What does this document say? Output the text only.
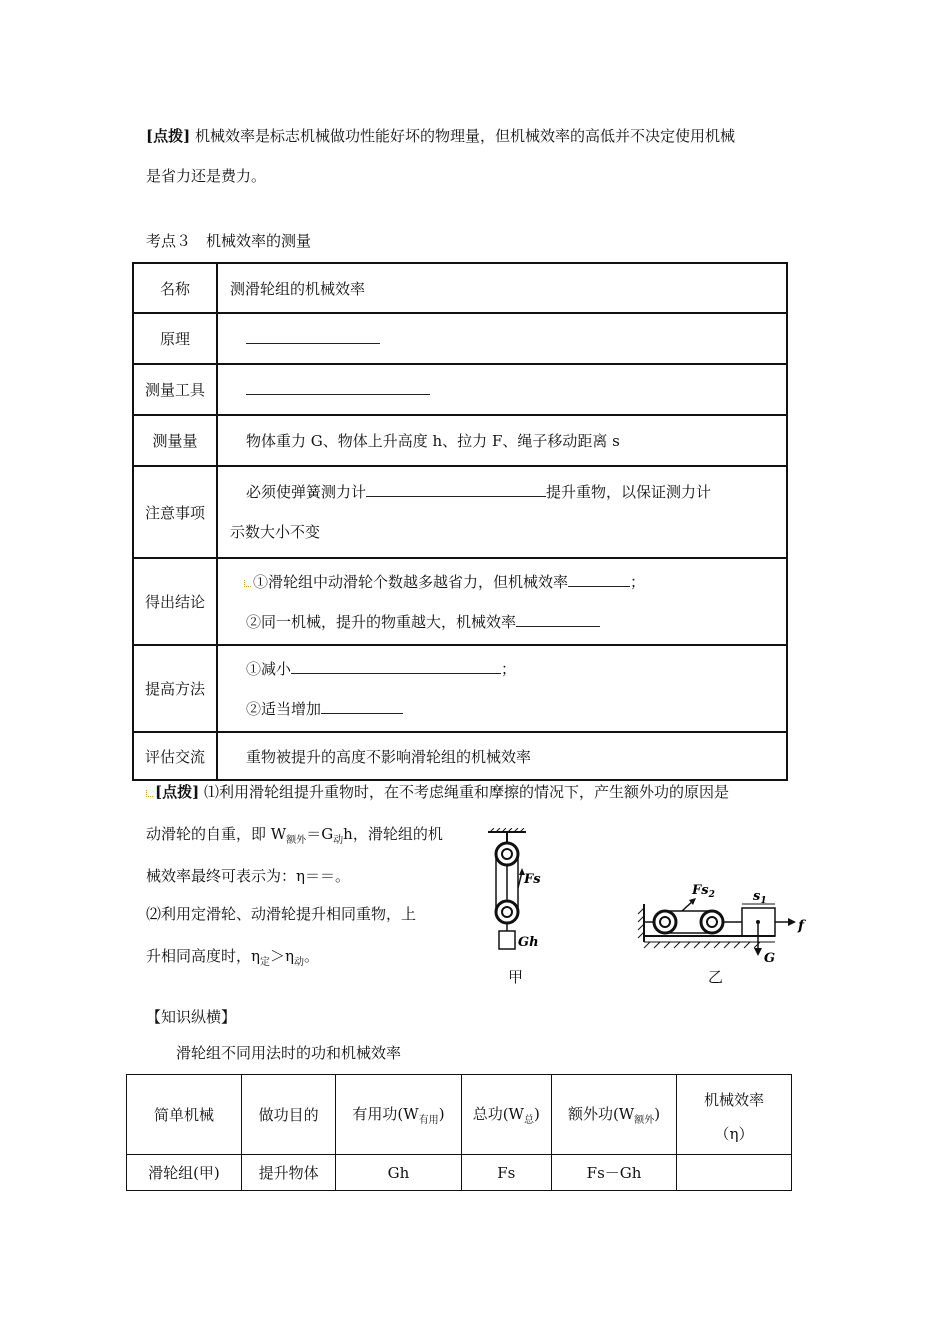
[点拨] 机械效率是标志机械做功性能好坏的物理量，但机械效率的高低并不决定使用机械
是省力还是费力。
考点３　机械效率的测量
名称	测滑轮组的机械效率
原理	
测量工具	
测量量	物体重力 G、物体上升高度 h、拉力 F、绳子移动距离 s
注意事项	必须使弹簧测力计 提升重物，以保证测力计
示数大小不变

得出结论	①滑轮组中动滑轮个数越多越省力，但机械效率 ；
②同一机械，提升的物重越大，机械效率

提高方法	①减小 ；
②适当增加

评估交流	重物被提升的高度不影响滑轮组的机械效率
[点拨] ⑴利用滑轮组提升重物时，在不考虑绳重和摩擦的情况下，产生额外功的原因是
动滑轮的自重，即 $W_{额外}=G_动h$，滑轮组的机
械效率最终可表示为：η＝＝。
⑵利用定滑轮、动滑轮提升相同重物，上
升相同高度时，$\eta_定>\eta_动$。
Fs
Gh
甲
$Fs_2$	$s_1$
f
G
乙
【知识纵横】
滑轮组不同用法时的功和机械效率
简单机械	做功目的	有用功$(W_{有用})$	总功$(W_总)$	额外功$(W_{额外})$	机械效率
（η）

滑轮组(甲)	提升物体	Gh	Fs	Fs－Gh	
